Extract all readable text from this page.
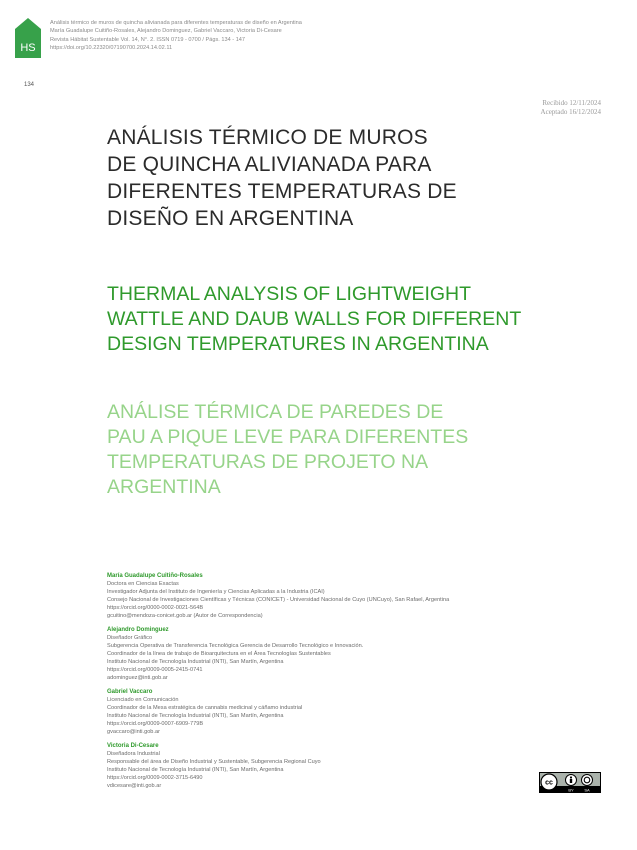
HS
Análisis térmico de muros de quincha alivianada para diferentes temperaturas de diseño en Argentina
María Guadalupe Cuitiño-Rosales, Alejandro Dominguez, Gabriel Vaccaro, Victoria Di-Cesare
Revista Hábitat Sustentable Vol. 14, N°. 2. ISSN 0719 - 0700 / Págs. 134 - 147
https://doi.org/10.22320/07190700.2024.14.02.11
134
Recibido 12/11/2024
Aceptado 16/12/2024
ANÁLISIS TÉRMICO DE MUROS
DE QUINCHA ALIVIANADA PARA
DIFERENTES TEMPERATURAS DE
DISEÑO EN ARGENTINA
THERMAL ANALYSIS OF LIGHTWEIGHT
WATTLE AND DAUB WALLS FOR DIFFERENT
DESIGN TEMPERATURES IN ARGENTINA
ANÁLISE TÉRMICA DE PAREDES DE
PAU A PIQUE LEVE PARA DIFERENTES
TEMPERATURAS DE PROJETO NA
ARGENTINA
María Guadalupe Cuitiño-Rosales
Doctora en Ciencias Exactas
Investigador Adjunta del Instituto de Ingeniería y Ciencias Aplicadas a la Industria (ICAI)
Consejo Nacional de Investigaciones Científicas y Técnicas (CONICET) - Universidad Nacional de Cuyo (UNCuyo), San Rafael, Argentina
https://orcid.org/0000-0002-0021-564B
gcuitino@mendoza-conicet.gob.ar (Autor de Correspondencia)
Alejandro Dominguez
Diseñador Gráfico
Subgerencia Operativa de Transferencia Tecnológica Gerencia de Desarrollo Tecnológico e Innovación.
Coordinador de la línea de trabajo de Bioarquitectura en el Área Tecnologías Sustentables
Instituto Nacional de Tecnología Industrial (INTI), San Martín, Argentina
https://orcid.org/0009-0005-2415-0741
adominguez@inti.gob.ar
Gabriel Vaccaro
Licenciado en Comunicación
Coordinador de la Mesa estratégica de cannabis medicinal y cáñamo industrial
Instituto Nacional de Tecnología Industrial (INTI), San Martín, Argentina
https://orcid.org/0009-0007-6909-779B
gvaccaro@inti.gob.ar
Victoria Di-Cesare
Diseñadora Industrial
Responsable del área de Diseño Industrial y Sustentable, Subgerencia Regional Cuyo
Instituto Nacional de Tecnología Industrial (INTI), San Martín, Argentina
https://orcid.org/0009-0002-3715-6490
vdicesare@inti.gob.ar	cc
BY	SA
